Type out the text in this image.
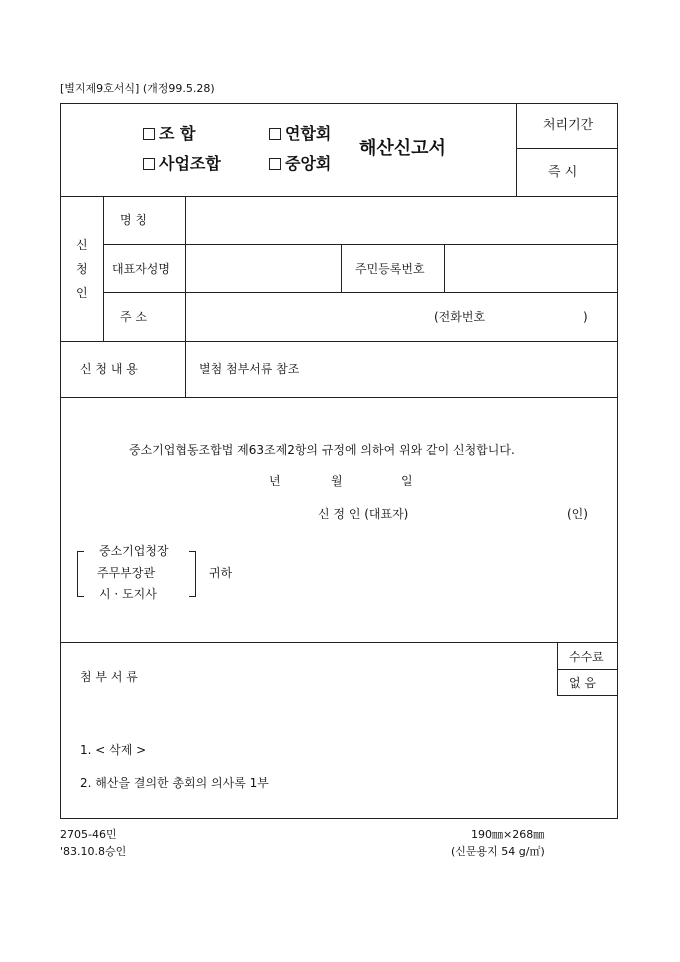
[별지제9호서식] (개정99.5.28)
조 합	연합회
사업조합	중앙회
해산신고서
처리기간
즉 시
신
청
인
명 칭
대표자성명	주민등록번호
주 소	(전화번호	)
신 청 내 용	별첨 첨부서류 참조
중소기업협동조합법 제63조제2항의 규정에 의하여 위와 같이 신청합니다.
년	월	일
신 정 인 (대표자)	(인)
중소기업청장
주무부장관
시 · 도지사
귀하
첨 부 서 류
수수료
없 음
1. < 삭제 >
2. 해산을 결의한 총회의 의사록 1부
2705-46민
'83.10.8승인
190㎜×268㎜
(신문용지 54 g/㎡)
